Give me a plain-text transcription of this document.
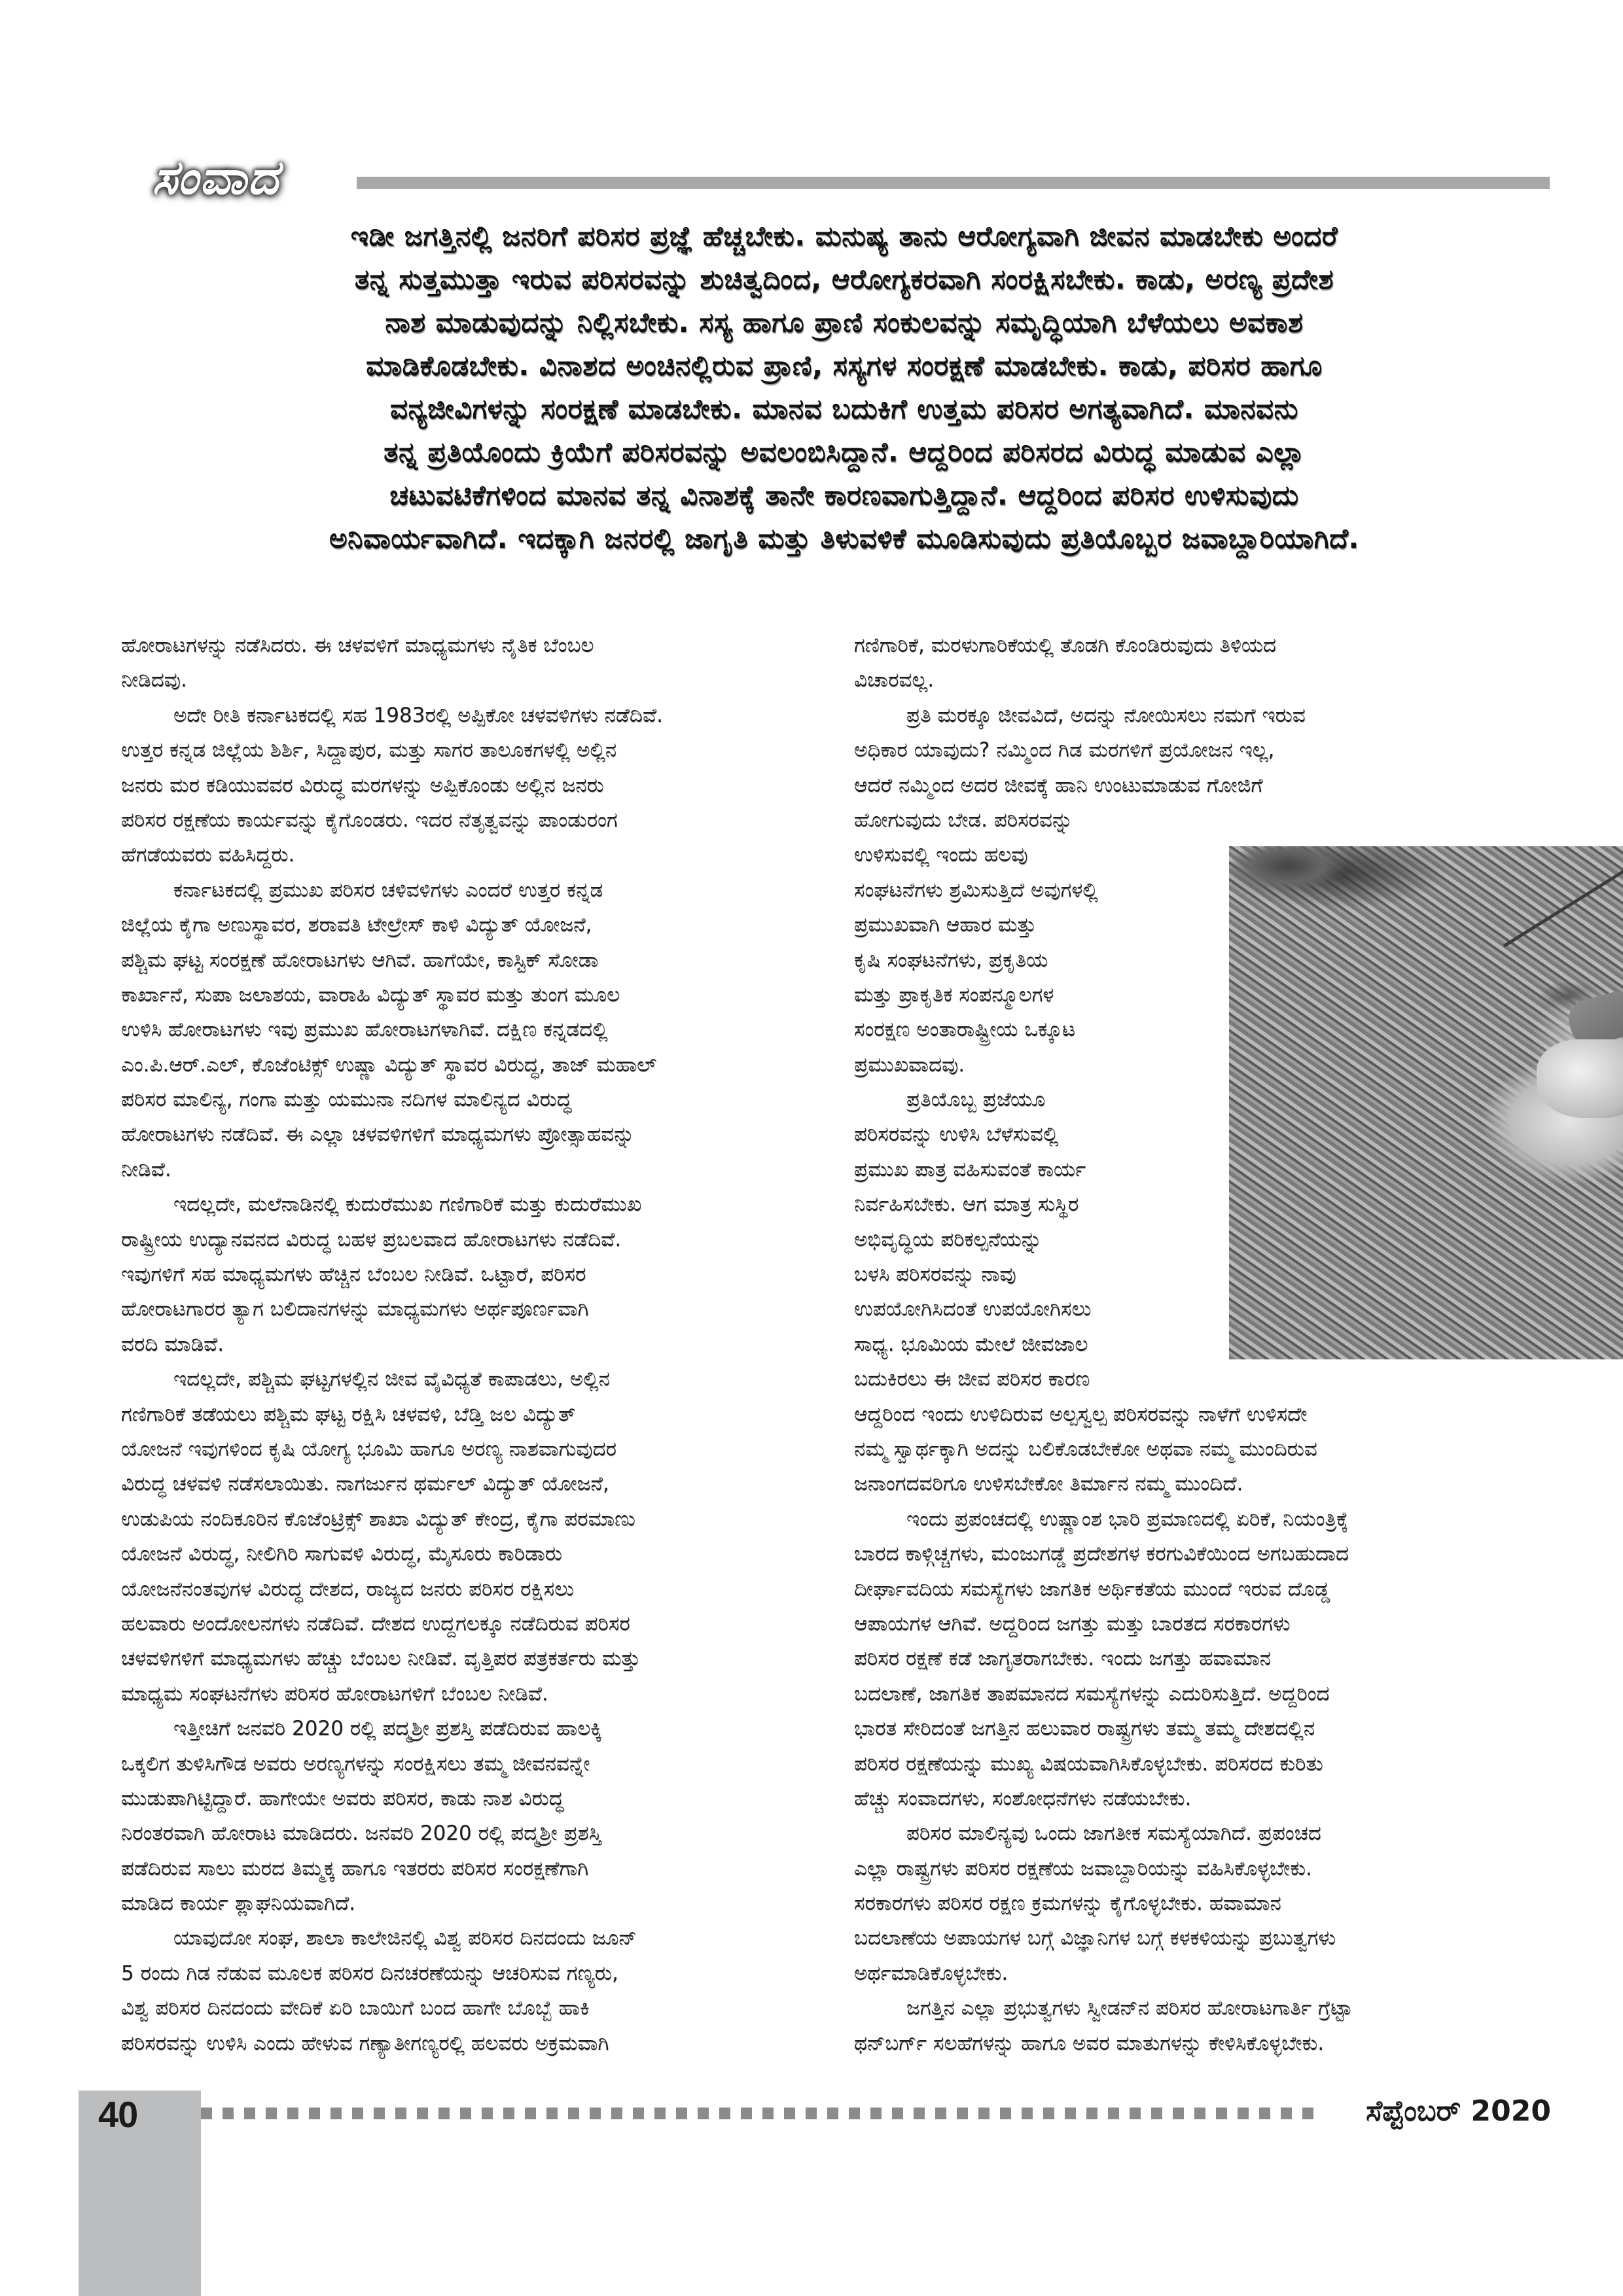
ಸಂವಾದ
ಇಡೀ ಜಗತ್ತಿನಲ್ಲಿ ಜನರಿಗೆ ಪರಿಸರ ಪ್ರಜ್ಞೆ ಹೆಚ್ಚಬೇಕು. ಮನುಷ್ಯ ತಾನು ಆರೋಗ್ಯವಾಗಿ ಜೀವನ ಮಾಡಬೇಕು ಅಂದರೆ
ತನ್ನ ಸುತ್ತಮುತ್ತಾ ಇರುವ ಪರಿಸರವನ್ನು ಶುಚಿತ್ವದಿಂದ, ಆರೋಗ್ಯಕರವಾಗಿ ಸಂರಕ್ಷಿಸಬೇಕು. ಕಾಡು, ಅರಣ್ಯ ಪ್ರದೇಶ
ನಾಶ ಮಾಡುವುದನ್ನು ನಿಲ್ಲಿಸಬೇಕು. ಸಸ್ಯ ಹಾಗೂ ಪ್ರಾಣಿ ಸಂಕುಲವನ್ನು ಸಮೃದ್ಧಿಯಾಗಿ ಬೆಳೆಯಲು ಅವಕಾಶ
ಮಾಡಿಕೊಡಬೇಕು. ವಿನಾಶದ ಅಂಚಿನಲ್ಲಿರುವ ಪ್ರಾಣಿ, ಸಸ್ಯಗಳ ಸಂರಕ್ಷಣೆ ಮಾಡಬೇಕು. ಕಾಡು, ಪರಿಸರ ಹಾಗೂ
ವನ್ಯಜೀವಿಗಳನ್ನು ಸಂರಕ್ಷಣೆ ಮಾಡಬೇಕು. ಮಾನವ ಬದುಕಿಗೆ ಉತ್ತಮ ಪರಿಸರ ಅಗತ್ಯವಾಗಿದೆ. ಮಾನವನು
ತನ್ನ ಪ್ರತಿಯೊಂದು ಕ್ರಿಯೆಗೆ ಪರಿಸರವನ್ನು ಅವಲಂಬಿಸಿದ್ದಾನೆ. ಆದ್ದರಿಂದ ಪರಿಸರದ ವಿರುದ್ಧ ಮಾಡುವ ಎಲ್ಲಾ
ಚಟುವಟಿಕೆಗಳಿಂದ ಮಾನವ ತನ್ನ ವಿನಾಶಕ್ಕೆ ತಾನೇ ಕಾರಣವಾಗುತ್ತಿದ್ದಾನೆ. ಆದ್ದರಿಂದ ಪರಿಸರ ಉಳಿಸುವುದು
ಅನಿವಾರ್ಯವಾಗಿದೆ. ಇದಕ್ಕಾಗಿ ಜನರಲ್ಲಿ ಜಾಗೃತಿ ಮತ್ತು ತಿಳುವಳಿಕೆ ಮೂಡಿಸುವುದು ಪ್ರತಿಯೊಬ್ಬರ ಜವಾಬ್ದಾರಿಯಾಗಿದೆ.
ಹೋರಾಟಗಳನ್ನು ನಡೆಸಿದರು. ಈ ಚಳವಳಿಗೆ ಮಾಧ್ಯಮಗಳು ನೈತಿಕ ಬೆಂಬಲ
ನೀಡಿದವು.
ಅದೇ ರೀತಿ ಕರ್ನಾಟಕದಲ್ಲಿ ಸಹ 1983ರಲ್ಲಿ ಅಪ್ಪಿಕೋ ಚಳವಳಿಗಳು ನಡೆದಿವೆ.
ಉತ್ತರ ಕನ್ನಡ ಜಿಲ್ಲೆಯ ಶಿರ್ಶಿ, ಸಿದ್ದಾಪುರ, ಮತ್ತು ಸಾಗರ ತಾಲೂಕಗಳಲ್ಲಿ ಅಲ್ಲಿನ
ಜನರು ಮರ ಕಡಿಯುವವರ ವಿರುದ್ಧ ಮರಗಳನ್ನು ಅಪ್ಪಿಕೊಂಡು ಅಲ್ಲಿನ ಜನರು
ಪರಿಸರ ರಕ್ಷಣೆಯ ಕಾರ್ಯವನ್ನು ಕೈಗೊಂಡರು. ಇದರ ನೆತೃತ್ವವನ್ನು ಪಾಂಡುರಂಗ
ಹೆಗಡೆಯವರು ವಹಿಸಿದ್ದರು.
ಕರ್ನಾಟಕದಲ್ಲಿ ಪ್ರಮುಖ ಪರಿಸರ ಚಳಿವಳಿಗಳು ಎಂದರೆ ಉತ್ತರ ಕನ್ನಡ
ಜಿಲ್ಲೆಯ ಕೈಗಾ ಅಣುಸ್ಥಾವರ, ಶರಾವತಿ ಟೇಲ್ರೇಸ್ ಕಾಳಿ ವಿದ್ಯುತ್ ಯೋಜನೆ,
ಪಶ್ಚಿಮ ಘಟ್ಟ ಸಂರಕ್ಷಣೆ ಹೋರಾಟಗಳು ಆಗಿವೆ. ಹಾಗೆಯೇ, ಕಾಸ್ಟಿಕ್ ಸೋಡಾ
ಕಾರ್ಖಾನೆ, ಸುಪಾ ಜಲಾಶಯ, ವಾರಾಹಿ ವಿದ್ಯುತ್ ಸ್ಥಾವರ ಮತ್ತು ತುಂಗ ಮೂಲ
ಉಳಿಸಿ ಹೋರಾಟಗಳು ಇವು ಪ್ರಮುಖ ಹೋರಾಟಗಳಾಗಿವೆ. ದಕ್ಷಿಣ ಕನ್ನಡದಲ್ಲಿ
ಎಂ.ಪಿ.ಆರ್.ಎಲ್, ಕೊಜೆಂಟಿಕ್ಸ್ ಉಷ್ಣಾ ವಿದ್ಯುತ್ ಸ್ಥಾವರ ವಿರುದ್ಧ, ತಾಜ್ ಮಹಾಲ್
ಪರಿಸರ ಮಾಲಿನ್ಯ, ಗಂಗಾ ಮತ್ತು ಯಮುನಾ ನದಿಗಳ ಮಾಲಿನ್ಯದ ವಿರುದ್ಧ
ಹೋರಾಟಗಳು ನಡೆದಿವೆ. ಈ ಎಲ್ಲಾ ಚಳವಳಿಗಳಿಗೆ ಮಾಧ್ಯಮಗಳು ಪ್ರೋತ್ಸಾಹವನ್ನು
ನೀಡಿವೆ.
ಇದಲ್ಲದೇ, ಮಲೆನಾಡಿನಲ್ಲಿ ಕುದುರೆಮುಖ ಗಣಿಗಾರಿಕೆ ಮತ್ತು ಕುದುರೆಮುಖ
ರಾಷ್ಟ್ರೀಯ ಉದ್ಯಾನವನದ ವಿರುದ್ಧ ಬಹಳ ಪ್ರಬಲವಾದ ಹೋರಾಟಗಳು ನಡೆದಿವೆ.
ಇವುಗಳಿಗೆ ಸಹ ಮಾಧ್ಯಮಗಳು ಹೆಚ್ಚಿನ ಬೆಂಬಲ ನೀಡಿವೆ. ಒಟ್ಟಾರೆ, ಪರಿಸರ
ಹೋರಾಟಗಾರರ ತ್ಯಾಗ ಬಲಿದಾನಗಳನ್ನು ಮಾಧ್ಯಮಗಳು ಅರ್ಥಪೂರ್ಣವಾಗಿ
ವರದಿ ಮಾಡಿವೆ.
ಇದಲ್ಲದೇ, ಪಶ್ಚಿಮ ಘಟ್ಟಗಳಲ್ಲಿನ ಜೀವ ವೈವಿಧ್ಯತೆ ಕಾಪಾಡಲು, ಅಲ್ಲಿನ
ಗಣಿಗಾರಿಕೆ ತಡೆಯಲು ಪಶ್ಚಿಮ ಘಟ್ಟ ರಕ್ಷಿಸಿ ಚಳವಳಿ, ಬೆಡ್ತಿ ಜಲ ವಿದ್ಯುತ್
ಯೋಜನೆ ಇವುಗಳಿಂದ ಕೃಷಿ ಯೋಗ್ಯ ಭೂಮಿ ಹಾಗೂ ಅರಣ್ಯ ನಾಶವಾಗುವುದರ
ವಿರುದ್ಧ ಚಳವಳಿ ನಡೆಸಲಾಯಿತು. ನಾಗರ್ಜುನ ಥರ್ಮಲ್ ವಿದ್ಯುತ್ ಯೋಜನೆ,
ಉಡುಪಿಯ ನಂದಿಕೂರಿನ ಕೊಜೆಂಟ್ರಿಕ್ಸ್ ಶಾಖಾ ವಿದ್ಯುತ್ ಕೇಂದ್ರ, ಕೈಗಾ ಪರಮಾಣು
ಯೋಜನೆ ವಿರುದ್ಧ, ನೀಲಿಗಿರಿ ಸಾಗುವಳಿ ವಿರುದ್ಧ, ಮೈಸೂರು ಕಾರಿಡಾರು
ಯೋಜನೆನಂತವುಗಳ ವಿರುದ್ಧ ದೇಶದ, ರಾಜ್ಯದ ಜನರು ಪರಿಸರ ರಕ್ಷಿಸಲು
ಹಲವಾರು ಅಂದೋಲನಗಳು ನಡೆದಿವೆ. ದೇಶದ ಉದ್ದಗಲಕ್ಕೂ ನಡೆದಿರುವ ಪರಿಸರ
ಚಳವಳಿಗಳಿಗೆ ಮಾಧ್ಯಮಗಳು ಹೆಚ್ಚು ಬೆಂಬಲ ನೀಡಿವೆ. ವೃತ್ತಿಪರ ಪತ್ರಕರ್ತರು ಮತ್ತು
ಮಾಧ್ಯಮ ಸಂಘಟನೆಗಳು ಪರಿಸರ ಹೋರಾಟಗಳಿಗೆ ಬೆಂಬಲ ನೀಡಿವೆ.
ಇತ್ತೀಚಿಗೆ ಜನವರಿ 2020 ರಲ್ಲಿ ಪದ್ಮಶ್ರೀ ಪ್ರಶಸ್ತಿ ಪಡೆದಿರುವ ಹಾಲಕ್ಕಿ
ಒಕ್ಕಲಿಗ ತುಳಿಸಿಗೌಡ ಅವರು ಅರಣ್ಯಗಳನ್ನು ಸಂರಕ್ಷಿಸಲು ತಮ್ಮ ಜೀವನವನ್ನೇ
ಮುಡುಪಾಗಿಟ್ಟಿದ್ದಾರೆ. ಹಾಗೇಯೇ ಅವರು ಪರಿಸರ, ಕಾಡು ನಾಶ ವಿರುದ್ಧ
ನಿರಂತರವಾಗಿ ಹೋರಾಟ ಮಾಡಿದರು. ಜನವರಿ 2020 ರಲ್ಲಿ ಪದ್ಮಶ್ರೀ ಪ್ರಶಸ್ತಿ
ಪಡೆದಿರುವ ಸಾಲು ಮರದ ತಿಮ್ಮಕ್ಕ ಹಾಗೂ ಇತರರು ಪರಿಸರ ಸಂರಕ್ಷಣೆಗಾಗಿ
ಮಾಡಿದ ಕಾರ್ಯ ಶ್ಲಾಘನಿಯವಾಗಿದೆ.
ಯಾವುದೋ ಸಂಘ, ಶಾಲಾ ಕಾಲೇಜಿನಲ್ಲಿ ವಿಶ್ವ ಪರಿಸರ ದಿನದಂದು ಜೂನ್
5 ರಂದು ಗಿಡ ನೆಡುವ ಮೂಲಕ ಪರಿಸರ ದಿನಚರಣೆಯನ್ನು ಆಚರಿಸುವ ಗಣ್ಯರು,
ವಿಶ್ವ ಪರಿಸರ ದಿನದಂದು ವೇದಿಕೆ ಏರಿ ಬಾಯಿಗೆ ಬಂದ ಹಾಗೇ ಬೊಬ್ಬೆ ಹಾಕಿ
ಪರಿಸರವನ್ನು ಉಳಿಸಿ ಎಂದು ಹೇಳುವ ಗಣ್ಯಾತೀಗಣ್ಯರಲ್ಲಿ ಹಲವರು ಅಕ್ರಮವಾಗಿ
ಗಣಿಗಾರಿಕೆ, ಮರಳುಗಾರಿಕೆಯಲ್ಲಿ ತೊಡಗಿ ಕೊಂಡಿರುವುದು ತಿಳಿಯದ
ವಿಚಾರವಲ್ಲ.
ಪ್ರತಿ ಮರಕ್ಕೂ ಜೀವವಿದೆ, ಅದನ್ನು ನೋಯಿಸಲು ನಮಗೆ ಇರುವ
ಅಧಿಕಾರ ಯಾವುದು? ನಮ್ಮಿಂದ ಗಿಡ ಮರಗಳಿಗೆ ಪ್ರಯೋಜನ ಇಲ್ಲ,
ಆದರೆ ನಮ್ಮಿಂದ ಅದರ ಜೀವಕ್ಕೆ ಹಾನಿ ಉಂಟುಮಾಡುವ ಗೋಜಿಗೆ
ಹೋಗುವುದು ಬೇಡ. ಪರಿಸರವನ್ನು
ಉಳಿಸುವಲ್ಲಿ ಇಂದು ಹಲವು
ಸಂಘಟನೆಗಳು ಶ್ರಮಿಸುತ್ತಿದೆ ಅವುಗಳಲ್ಲಿ
ಪ್ರಮುಖವಾಗಿ ಆಹಾರ ಮತ್ತು
ಕೃಷಿ ಸಂಘಟನೆಗಳು, ಪ್ರಕೃತಿಯ
ಮತ್ತು ಪ್ರಾಕೃತಿಕ ಸಂಪನ್ಮೂಲಗಳ
ಸಂರಕ್ಷಣ ಅಂತಾರಾಷ್ಟ್ರೀಯ ಒಕ್ಕೂಟ
ಪ್ರಮುಖವಾದವು.
ಪ್ರತಿಯೊಬ್ಬ ಪ್ರಜೆಯೂ
ಪರಿಸರವನ್ನು ಉಳಿಸಿ ಬೆಳೆಸುವಲ್ಲಿ
ಪ್ರಮುಖ ಪಾತ್ರ ವಹಿಸುವಂತೆ ಕಾರ್ಯ
ನಿರ್ವಹಿಸಬೇಕು. ಆಗ ಮಾತ್ರ ಸುಸ್ಥಿರ
ಅಭಿವೃದ್ಧಿಯ ಪರಿಕಲ್ಪನೆಯನ್ನು
ಬಳಸಿ ಪರಿಸರವನ್ನು ನಾವು
ಉಪಯೋಗಿಸಿದಂತೆ ಉಪಯೋಗಿಸಲು
ಸಾಧ್ಯ. ಭೂಮಿಯ ಮೇಲೆ ಜೀವಜಾಲ
ಬದುಕಿರಲು ಈ ಜೀವ ಪರಿಸರ ಕಾರಣ
ಆದ್ದರಿಂದ ಇಂದು ಉಳಿದಿರುವ ಅಲ್ಪಸ್ವಲ್ಪ ಪರಿಸರವನ್ನು ನಾಳೆಗೆ ಉಳಿಸದೇ
ನಮ್ಮ ಸ್ವಾರ್ಥಕ್ಕಾಗಿ ಅದನ್ನು ಬಲಿಕೊಡಬೇಕೋ ಅಥವಾ ನಮ್ಮ ಮುಂದಿರುವ
ಜನಾಂಗದವರಿಗೂ ಉಳಿಸಬೇಕೋ ತಿರ್ಮಾನ ನಮ್ಮ ಮುಂದಿದೆ.
ಇಂದು ಪ್ರಪಂಚದಲ್ಲಿ ಉಷ್ಣಾಂಶ ಭಾರಿ ಪ್ರಮಾಣದಲ್ಲಿ ಏರಿಕೆ, ನಿಯಂತ್ರಿಕ್ಕೆ
ಬಾರದ ಕಾಳ್ಗಿಚ್ಚಗಳು, ಮಂಜುಗಡ್ಡೆ ಪ್ರದೇಶಗಳ ಕರಗುವಿಕೆಯಿಂದ ಅಗಬಹುದಾದ
ದೀರ್ಘಾವದಿಯ ಸಮಸ್ಯೆಗಳು ಜಾಗತಿಕ ಅರ್ಥಿಕತೆಯ ಮುಂದೆ ಇರುವ ದೊಡ್ಡ
ಆಪಾಯಗಳ ಆಗಿವೆ. ಅದ್ದರಿಂದ ಜಗತ್ತು ಮತ್ತು ಬಾರತದ ಸರಕಾರಗಳು
ಪರಿಸರ ರಕ್ಷಣೆ ಕಡೆ ಜಾಗೃತರಾಗಬೇಕು. ಇಂದು ಜಗತ್ತು ಹವಾಮಾನ
ಬದಲಾಣೆ, ಜಾಗತಿಕ ತಾಪಮಾನದ ಸಮಸ್ಯೆಗಳನ್ನು ಎದುರಿಸುತ್ತಿದೆ. ಅದ್ದರಿಂದ
ಭಾರತ ಸೇರಿದಂತೆ ಜಗತ್ತಿನ ಹಲುವಾರ ರಾಷ್ಟ್ರಗಳು ತಮ್ಮ ತಮ್ಮ ದೇಶದಲ್ಲಿನ
ಪರಿಸರ ರಕ್ಷಣೆಯನ್ನು ಮುಖ್ಯ ವಿಷಯವಾಗಿಸಿಕೊಳ್ಳಬೇಕು. ಪರಿಸರದ ಕುರಿತು
ಹೆಚ್ಚು ಸಂವಾದಗಳು, ಸಂಶೋಧನೆಗಳು ನಡೆಯಬೇಕು.
ಪರಿಸರ ಮಾಲಿನ್ಯವು ಒಂದು ಜಾಗತೀಕ ಸಮಸ್ಯೆಯಾಗಿದೆ. ಪ್ರಪಂಚದ
ಎಲ್ಲಾ ರಾಷ್ಟ್ರಗಳು ಪರಿಸರ ರಕ್ಷಣೆಯ ಜವಾಬ್ದಾರಿಯನ್ನು ವಹಿಸಿಕೊಳ್ಳಬೇಕು.
ಸರಕಾರಗಳು ಪರಿಸರ ರಕ್ಷಣ ಕ್ರಮಗಳನ್ನು ಕೈಗೊಳ್ಳಬೇಕು. ಹವಾಮಾನ
ಬದಲಾಣೆಯ ಅಪಾಯಗಳ ಬಗ್ಗೆ ವಿಜ್ಞಾನಿಗಳ ಬಗ್ಗೆ ಕಳಕಳಿಯನ್ನು ಪ್ರಬುತ್ವಗಳು
ಅರ್ಥಮಾಡಿಕೊಳ್ಳಬೇಕು.
ಜಗತ್ತಿನ ಎಲ್ಲಾ ಪ್ರಭುತ್ವಗಳು ಸ್ವೀಡನ್‌ನ ಪರಿಸರ ಹೋರಾಟಗಾರ್ತಿ ಗ್ರೆಟ್ಟಾ
ಥನ್‌ಬರ್ಗ್ ಸಲಹೆಗಳನ್ನು ಹಾಗೂ ಅವರ ಮಾತುಗಳನ್ನು ಕೇಳಿಸಿಕೊಳ್ಳಬೇಕು.
40	ಸೆಪ್ಟೆಂಬರ್ 2020
